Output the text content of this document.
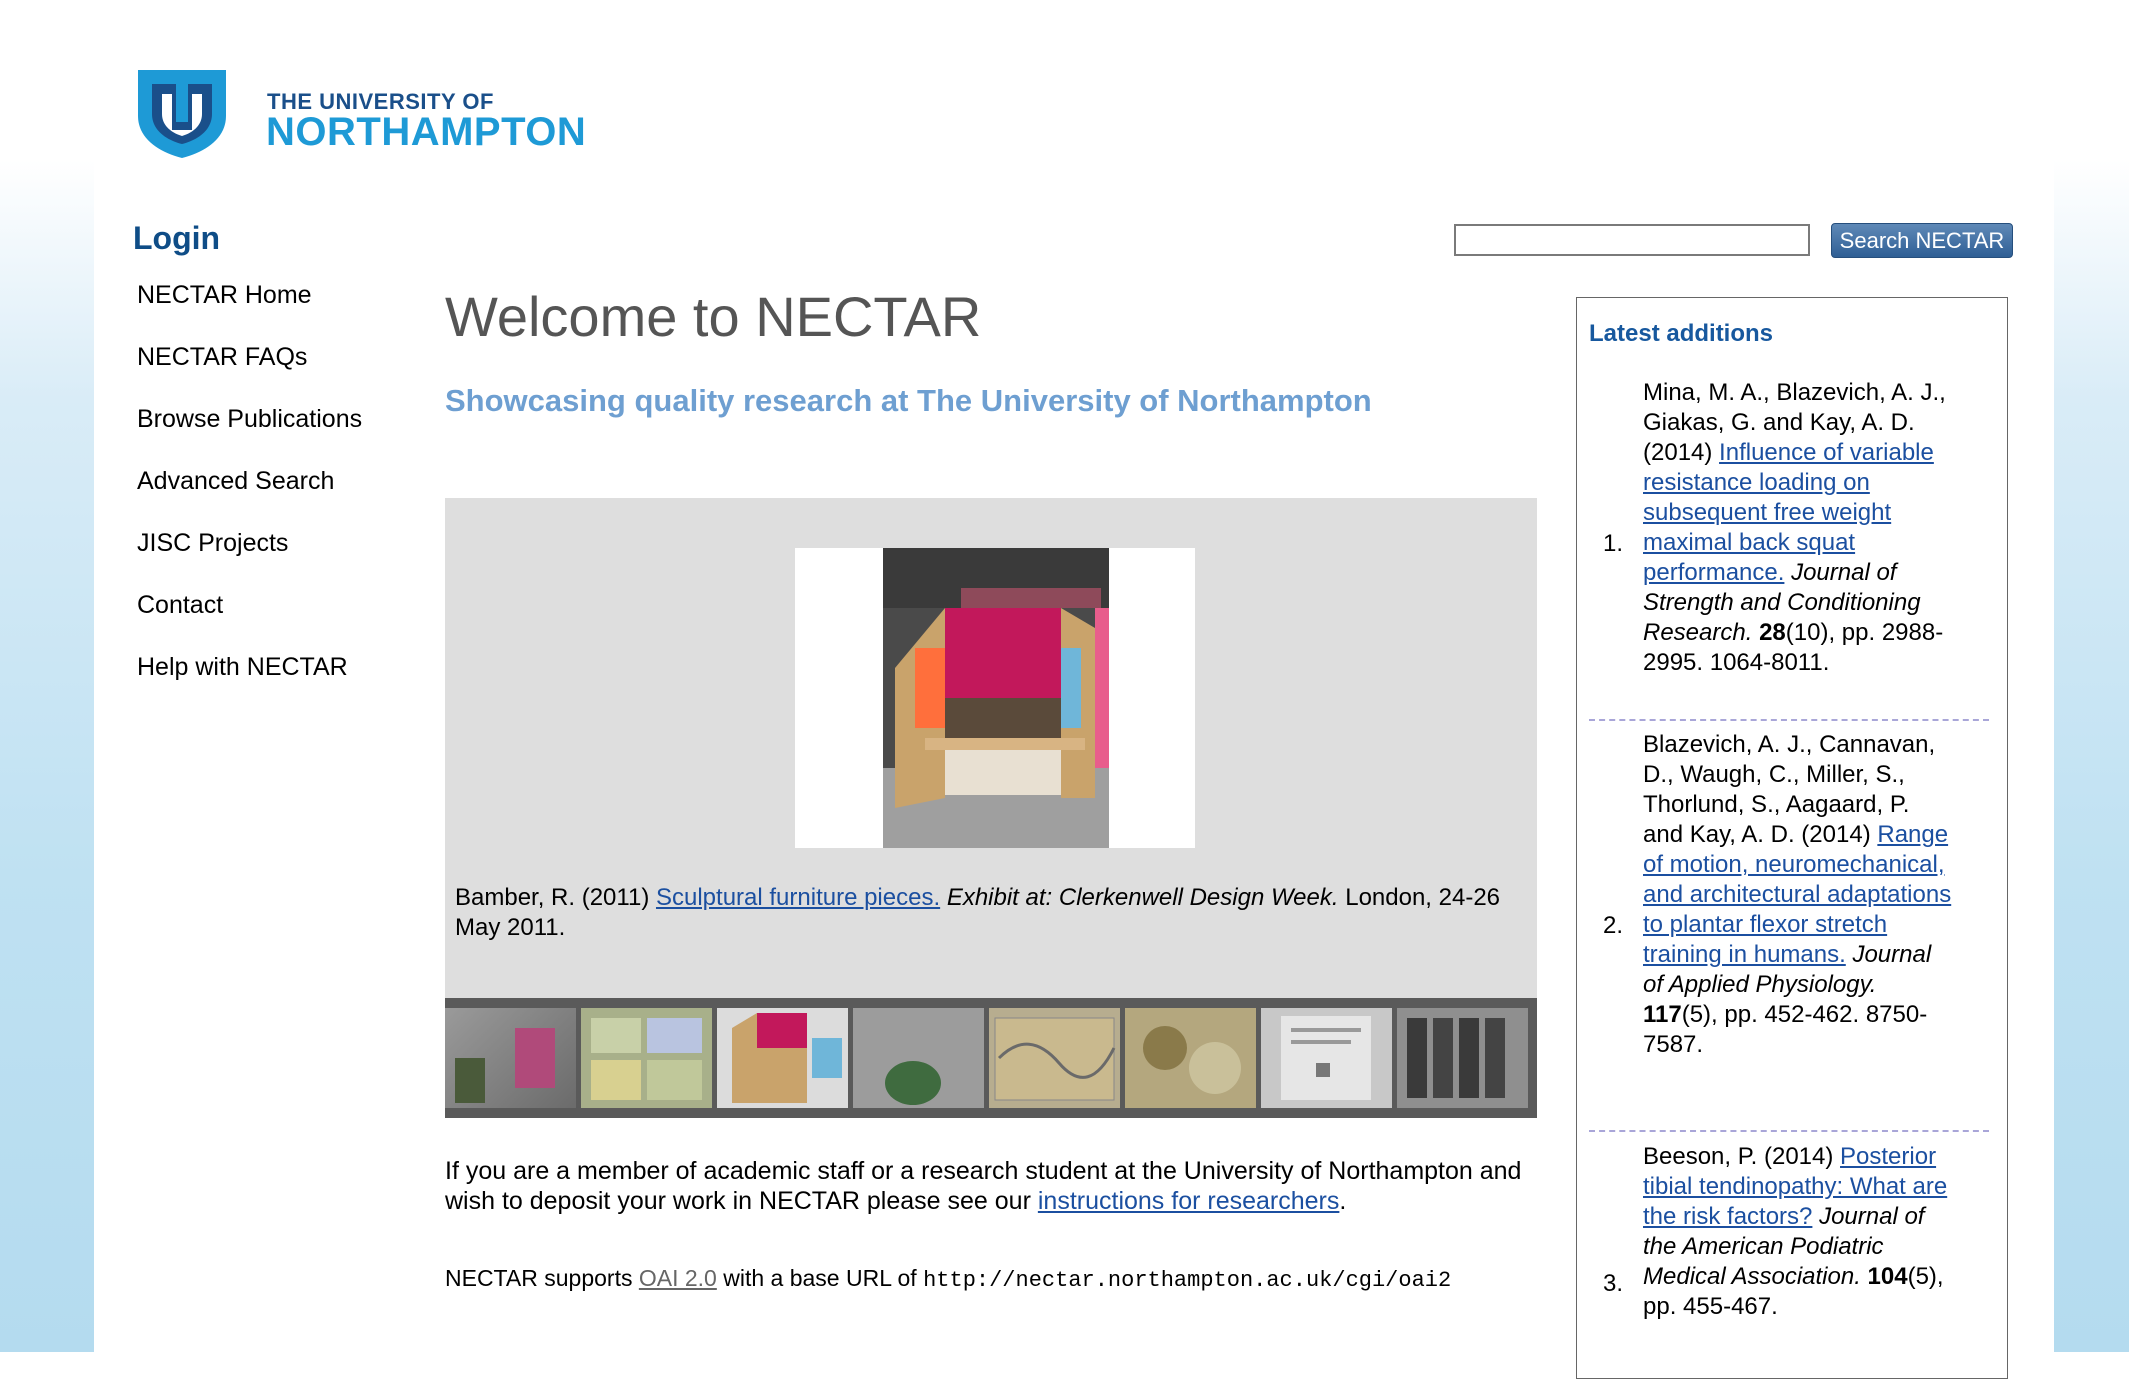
THE UNIVERSITY OF
NORTHAMPTON
Login
NECTAR Home
NECTAR FAQs
Browse Publications
Advanced Search
JISC Projects
Contact
Help with NECTAR
Search NECTAR
Welcome to NECTAR
Showcasing quality research at The University of Northampton
Bamber, R. (2011) Sculptural furniture pieces. Exhibit at: Clerkenwell Design Week. London, 24-26 May 2011.
If you are a member of academic staff or a research student at the University of Northampton and wish to deposit your work in NECTAR please see our instructions for researchers.
NECTAR supports OAI 2.0 with a base URL of http://nectar.northampton.ac.uk/cgi/oai2
Latest additions
1.
Mina, M. A., Blazevich, A. J., Giakas, G. and Kay, A. D. (2014) Influence of variable resistance loading on subsequent free weight maximal back squat performance. Journal of Strength and Conditioning Research. 28(10), pp. 2988-2995. 1064-8011.
2.
Blazevich, A. J., Cannavan, D., Waugh, C., Miller, S., Thorlund, S., Aagaard, P. and Kay, A. D. (2014) Range of motion, neuromechanical, and architectural adaptations to plantar flexor stretch training in humans. Journal of Applied Physiology. 117(5), pp. 452-462. 8750-7587.
3.
Beeson, P. (2014) Posterior tibial tendinopathy: What are the risk factors? Journal of the American Podiatric Medical Association. 104(5), pp. 455-467.
